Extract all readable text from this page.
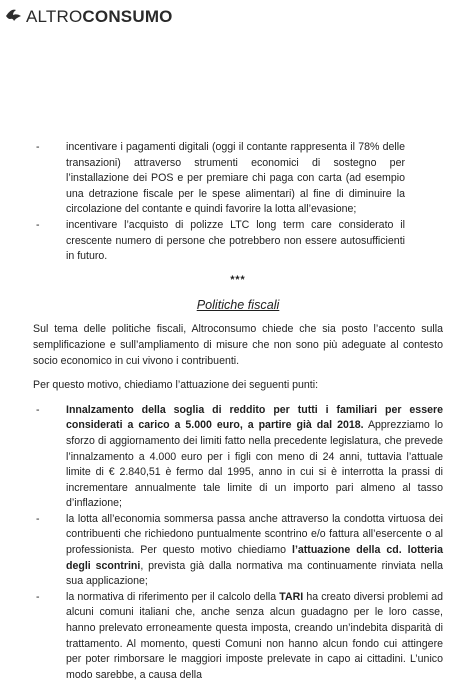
ALTROCONSUMO
- incentivare i pagamenti digitali (oggi il contante rappresenta il 78% delle transazioni) attraverso strumenti economici di sostegno per l’installazione dei POS e per premiare chi paga con carta (ad esempio una detrazione fiscale per le spese alimentari) al fine di diminuire la circolazione del contante e quindi favorire la lotta all’evasione;
- incentivare l’acquisto di polizze LTC long term care considerato il crescente numero di persone che potrebbero non essere autosufficienti in futuro.
***
Politiche fiscali

Sul tema delle politiche fiscali, Altroconsumo chiede che sia posto l’accento sulla semplificazione e sull’ampliamento di misure che non sono più adeguate al contesto socio economico in cui vivono i contribuenti.

Per questo motivo, chiediamo l’attuazione dei seguenti punti:

- Innalzamento della soglia di reddito per tutti i familiari per essere considerati a carico a 5.000 euro, a partire già dal 2018. Apprezziamo lo sforzo di aggiornamento dei limiti fatto nella precedente legislatura, che prevede l’innalzamento a 4.000 euro per i figli con meno di 24 anni, tuttavia l’attuale limite di € 2.840,51 è fermo dal 1995, anno in cui si è interrotta la prassi di incrementare annualmente tale limite di un importo pari almeno al tasso d’inflazione;
- la lotta all’economia sommersa passa anche attraverso la condotta virtuosa dei contribuenti che richiedono puntualmente scontrino e/o fattura all’esercente o al professionista. Per questo motivo chiediamo l’attuazione della cd. lotteria degli scontrini, prevista già dalla normativa ma continuamente rinviata nella sua applicazione;
- la normativa di riferimento per il calcolo della TARI ha creato diversi problemi ad alcuni comuni italiani che, anche senza alcun guadagno per le loro casse, hanno prelevato erroneamente questa imposta, creando un’indebita disparità di trattamento. Al momento, questi Comuni non hanno alcun fondo cui attingere per poter rimborsare le maggiori imposte prelevate in capo ai cittadini. L’unico modo sarebbe, a causa della
